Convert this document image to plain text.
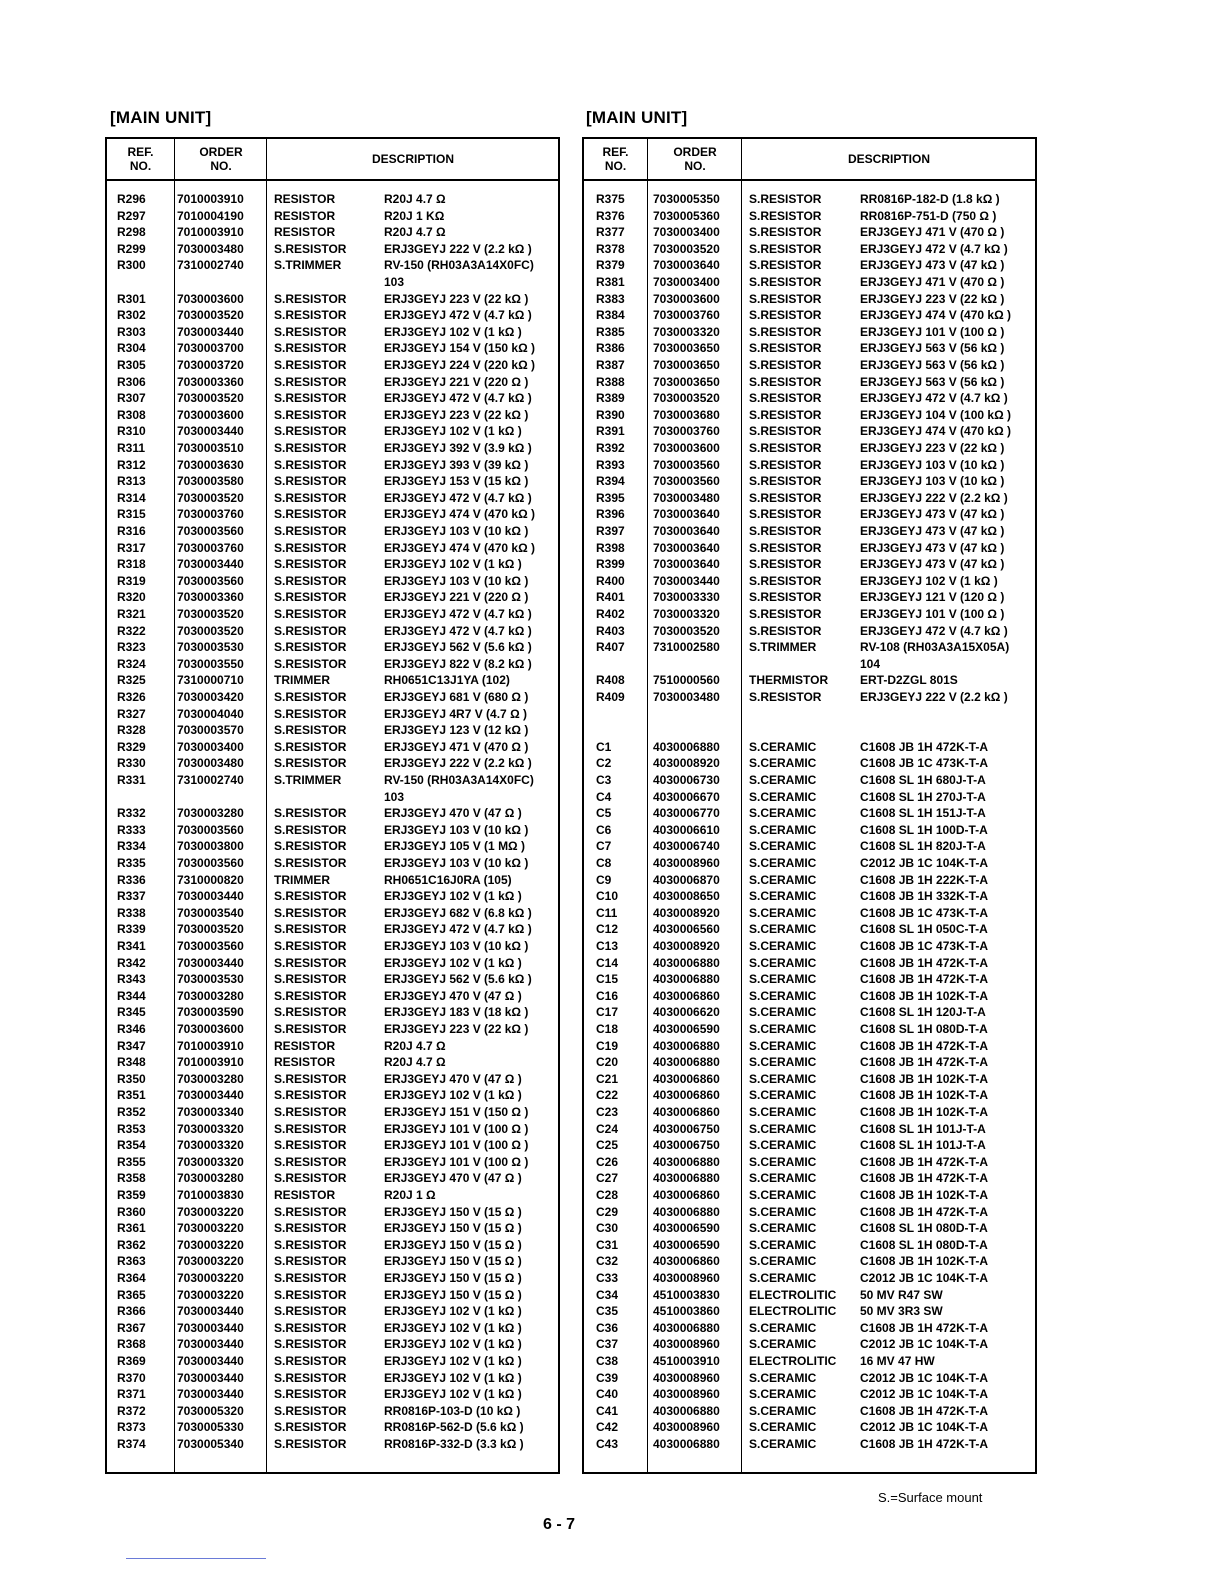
[MAIN UNIT]	[MAIN UNIT]
REF.
NO.
ORDER
NO.	DESCRIPTION
R296	7010003910	RESISTOR	R20J 4.7 Ω
R297	7010004190	RESISTOR	R20J 1 KΩ
R298	7010003910	RESISTOR	R20J 4.7 Ω
R299	7030003480	S.RESISTOR	ERJ3GEYJ 222 V (2.2 kΩ )
R300	7310002740	S.TRIMMER	RV-150 (RH03A3A14X0FC)
103
R301	7030003600	S.RESISTOR	ERJ3GEYJ 223 V (22 kΩ )
R302	7030003520	S.RESISTOR	ERJ3GEYJ 472 V (4.7 kΩ )
R303	7030003440	S.RESISTOR	ERJ3GEYJ 102 V (1 kΩ )
R304	7030003700	S.RESISTOR	ERJ3GEYJ 154 V (150 kΩ )
R305	7030003720	S.RESISTOR	ERJ3GEYJ 224 V (220 kΩ )
R306	7030003360	S.RESISTOR	ERJ3GEYJ 221 V (220 Ω )
R307	7030003520	S.RESISTOR	ERJ3GEYJ 472 V (4.7 kΩ )
R308	7030003600	S.RESISTOR	ERJ3GEYJ 223 V (22 kΩ )
R310	7030003440	S.RESISTOR	ERJ3GEYJ 102 V (1 kΩ )
R311	7030003510	S.RESISTOR	ERJ3GEYJ 392 V (3.9 kΩ )
R312	7030003630	S.RESISTOR	ERJ3GEYJ 393 V (39 kΩ )
R313	7030003580	S.RESISTOR	ERJ3GEYJ 153 V (15 kΩ )
R314	7030003520	S.RESISTOR	ERJ3GEYJ 472 V (4.7 kΩ )
R315	7030003760	S.RESISTOR	ERJ3GEYJ 474 V (470 kΩ )
R316	7030003560	S.RESISTOR	ERJ3GEYJ 103 V (10 kΩ )
R317	7030003760	S.RESISTOR	ERJ3GEYJ 474 V (470 kΩ )
R318	7030003440	S.RESISTOR	ERJ3GEYJ 102 V (1 kΩ )
R319	7030003560	S.RESISTOR	ERJ3GEYJ 103 V (10 kΩ )
R320	7030003360	S.RESISTOR	ERJ3GEYJ 221 V (220 Ω )
R321	7030003520	S.RESISTOR	ERJ3GEYJ 472 V (4.7 kΩ )
R322	7030003520	S.RESISTOR	ERJ3GEYJ 472 V (4.7 kΩ )
R323	7030003530	S.RESISTOR	ERJ3GEYJ 562 V (5.6 kΩ )
R324	7030003550	S.RESISTOR	ERJ3GEYJ 822 V (8.2 kΩ )
R325	7310000710	TRIMMER	RH0651C13J1YA (102)
R326	7030003420	S.RESISTOR	ERJ3GEYJ 681 V (680 Ω )
R327	7030004040	S.RESISTOR	ERJ3GEYJ 4R7 V (4.7 Ω )
R328	7030003570	S.RESISTOR	ERJ3GEYJ 123 V (12 kΩ )
R329	7030003400	S.RESISTOR	ERJ3GEYJ 471 V (470 Ω )
R330	7030003480	S.RESISTOR	ERJ3GEYJ 222 V (2.2 kΩ )
R331	7310002740	S.TRIMMER	RV-150 (RH03A3A14X0FC)
103
R332	7030003280	S.RESISTOR	ERJ3GEYJ 470 V (47 Ω )
R333	7030003560	S.RESISTOR	ERJ3GEYJ 103 V (10 kΩ )
R334	7030003800	S.RESISTOR	ERJ3GEYJ 105 V (1 MΩ )
R335	7030003560	S.RESISTOR	ERJ3GEYJ 103 V (10 kΩ )
R336	7310000820	TRIMMER	RH0651C16J0RA (105)
R337	7030003440	S.RESISTOR	ERJ3GEYJ 102 V (1 kΩ )
R338	7030003540	S.RESISTOR	ERJ3GEYJ 682 V (6.8 kΩ )
R339	7030003520	S.RESISTOR	ERJ3GEYJ 472 V (4.7 kΩ )
R341	7030003560	S.RESISTOR	ERJ3GEYJ 103 V (10 kΩ )
R342	7030003440	S.RESISTOR	ERJ3GEYJ 102 V (1 kΩ )
R343	7030003530	S.RESISTOR	ERJ3GEYJ 562 V (5.6 kΩ )
R344	7030003280	S.RESISTOR	ERJ3GEYJ 470 V (47 Ω )
R345	7030003590	S.RESISTOR	ERJ3GEYJ 183 V (18 kΩ )
R346	7030003600	S.RESISTOR	ERJ3GEYJ 223 V (22 kΩ )
R347	7010003910	RESISTOR	R20J 4.7 Ω
R348	7010003910	RESISTOR	R20J 4.7 Ω
R350	7030003280	S.RESISTOR	ERJ3GEYJ 470 V (47 Ω )
R351	7030003440	S.RESISTOR	ERJ3GEYJ 102 V (1 kΩ )
R352	7030003340	S.RESISTOR	ERJ3GEYJ 151 V (150 Ω )
R353	7030003320	S.RESISTOR	ERJ3GEYJ 101 V (100 Ω )
R354	7030003320	S.RESISTOR	ERJ3GEYJ 101 V (100 Ω )
R355	7030003320	S.RESISTOR	ERJ3GEYJ 101 V (100 Ω )
R358	7030003280	S.RESISTOR	ERJ3GEYJ 470 V (47 Ω )
R359	7010003830	RESISTOR	R20J 1 Ω
R360	7030003220	S.RESISTOR	ERJ3GEYJ 150 V (15 Ω )
R361	7030003220	S.RESISTOR	ERJ3GEYJ 150 V (15 Ω )
R362	7030003220	S.RESISTOR	ERJ3GEYJ 150 V (15 Ω )
R363	7030003220	S.RESISTOR	ERJ3GEYJ 150 V (15 Ω )
R364	7030003220	S.RESISTOR	ERJ3GEYJ 150 V (15 Ω )
R365	7030003220	S.RESISTOR	ERJ3GEYJ 150 V (15 Ω )
R366	7030003440	S.RESISTOR	ERJ3GEYJ 102 V (1 kΩ )
R367	7030003440	S.RESISTOR	ERJ3GEYJ 102 V (1 kΩ )
R368	7030003440	S.RESISTOR	ERJ3GEYJ 102 V (1 kΩ )
R369	7030003440	S.RESISTOR	ERJ3GEYJ 102 V (1 kΩ )
R370	7030003440	S.RESISTOR	ERJ3GEYJ 102 V (1 kΩ )
R371	7030003440	S.RESISTOR	ERJ3GEYJ 102 V (1 kΩ )
R372	7030005320	S.RESISTOR	RR0816P-103-D (10 kΩ )
R373	7030005330	S.RESISTOR	RR0816P-562-D (5.6 kΩ )
R374	7030005340	S.RESISTOR	RR0816P-332-D (3.3 kΩ )
REF.
NO.
ORDER
NO.	DESCRIPTION
R375 7030005350 S.RESISTOR	RR0816P-182-D (1.8 kΩ )
R376 7030005360 S.RESISTOR	RR0816P-751-D (750 Ω )
R377 7030003400 S.RESISTOR	ERJ3GEYJ 471 V (470 Ω )
R378 7030003520 S.RESISTOR	ERJ3GEYJ 472 V (4.7 kΩ )
R379 7030003640 S.RESISTOR	ERJ3GEYJ 473 V (47 kΩ )
R381 7030003400 S.RESISTOR	ERJ3GEYJ 471 V (470 Ω )
R383 7030003600 S.RESISTOR	ERJ3GEYJ 223 V (22 kΩ )
R384 7030003760 S.RESISTOR	ERJ3GEYJ 474 V (470 kΩ )
R385 7030003320 S.RESISTOR	ERJ3GEYJ 101 V (100 Ω )
R386 7030003650 S.RESISTOR	ERJ3GEYJ 563 V (56 kΩ )
R387 7030003650 S.RESISTOR	ERJ3GEYJ 563 V (56 kΩ )
R388 7030003650 S.RESISTOR	ERJ3GEYJ 563 V (56 kΩ )
R389 7030003520 S.RESISTOR	ERJ3GEYJ 472 V (4.7 kΩ )
R390 7030003680 S.RESISTOR	ERJ3GEYJ 104 V (100 kΩ )
R391 7030003760 S.RESISTOR	ERJ3GEYJ 474 V (470 kΩ )
R392 7030003600 S.RESISTOR	ERJ3GEYJ 223 V (22 kΩ )
R393 7030003560 S.RESISTOR	ERJ3GEYJ 103 V (10 kΩ )
R394 7030003560 S.RESISTOR	ERJ3GEYJ 103 V (10 kΩ )
R395 7030003480 S.RESISTOR	ERJ3GEYJ 222 V (2.2 kΩ )
R396 7030003640 S.RESISTOR	ERJ3GEYJ 473 V (47 kΩ )
R397 7030003640 S.RESISTOR	ERJ3GEYJ 473 V (47 kΩ )
R398 7030003640 S.RESISTOR	ERJ3GEYJ 473 V (47 kΩ )
R399 7030003640 S.RESISTOR	ERJ3GEYJ 473 V (47 kΩ )
R400 7030003440 S.RESISTOR	ERJ3GEYJ 102 V (1 kΩ )
R401 7030003330 S.RESISTOR	ERJ3GEYJ 121 V (120 Ω )
R402 7030003320 S.RESISTOR	ERJ3GEYJ 101 V (100 Ω )
R403 7030003520 S.RESISTOR	ERJ3GEYJ 472 V (4.7 kΩ )
R407 7310002580 S.TRIMMER	RV-108 (RH03A3A15X05A)
104
R408 7510000560 THERMISTOR	ERT-D2ZGL 801S
R409 7030003480 S.RESISTOR	ERJ3GEYJ 222 V (2.2 kΩ )
C1	4030006880 S.CERAMIC	C1608 JB 1H 472K-T-A
C2	4030008920 S.CERAMIC	C1608 JB 1C 473K-T-A
C3	4030006730 S.CERAMIC	C1608 SL 1H 680J-T-A
C4	4030006670 S.CERAMIC	C1608 SL 1H 270J-T-A
C5	4030006770 S.CERAMIC	C1608 SL 1H 151J-T-A
C6	4030006610 S.CERAMIC	C1608 SL 1H 100D-T-A
C7	4030006740 S.CERAMIC	C1608 SL 1H 820J-T-A
C8	4030008960 S.CERAMIC	C2012 JB 1C 104K-T-A
C9	4030006870 S.CERAMIC	C1608 JB 1H 222K-T-A
C10	4030008650 S.CERAMIC	C1608 JB 1H 332K-T-A
C11	4030008920 S.CERAMIC	C1608 JB 1C 473K-T-A
C12	4030006560 S.CERAMIC	C1608 SL 1H 050C-T-A
C13	4030008920 S.CERAMIC	C1608 JB 1C 473K-T-A
C14	4030006880 S.CERAMIC	C1608 JB 1H 472K-T-A
C15	4030006880 S.CERAMIC	C1608 JB 1H 472K-T-A
C16	4030006860 S.CERAMIC	C1608 JB 1H 102K-T-A
C17	4030006620 S.CERAMIC	C1608 SL 1H 120J-T-A
C18	4030006590 S.CERAMIC	C1608 SL 1H 080D-T-A
C19	4030006880 S.CERAMIC	C1608 JB 1H 472K-T-A
C20	4030006880 S.CERAMIC	C1608 JB 1H 472K-T-A
C21	4030006860 S.CERAMIC	C1608 JB 1H 102K-T-A
C22	4030006860 S.CERAMIC	C1608 JB 1H 102K-T-A
C23	4030006860 S.CERAMIC	C1608 JB 1H 102K-T-A
C24	4030006750 S.CERAMIC	C1608 SL 1H 101J-T-A
C25	4030006750 S.CERAMIC	C1608 SL 1H 101J-T-A
C26	4030006880 S.CERAMIC	C1608 JB 1H 472K-T-A
C27	4030006880 S.CERAMIC	C1608 JB 1H 472K-T-A
C28	4030006860 S.CERAMIC	C1608 JB 1H 102K-T-A
C29	4030006880 S.CERAMIC	C1608 JB 1H 472K-T-A
C30	4030006590 S.CERAMIC	C1608 SL 1H 080D-T-A
C31	4030006590 S.CERAMIC	C1608 SL 1H 080D-T-A
C32	4030006860 S.CERAMIC	C1608 JB 1H 102K-T-A
C33	4030008960 S.CERAMIC	C2012 JB 1C 104K-T-A
C34	4510003830 ELECTROLITIC 50 MV R47 SW
C35	4510003860 ELECTROLITIC 50 MV 3R3 SW
C36	4030006880 S.CERAMIC	C1608 JB 1H 472K-T-A
C37	4030008960 S.CERAMIC	C2012 JB 1C 104K-T-A
C38	4510003910 ELECTROLITIC 16 MV 47 HW
C39	4030008960 S.CERAMIC	C2012 JB 1C 104K-T-A
C40	4030008960 S.CERAMIC	C2012 JB 1C 104K-T-A
C41	4030006880 S.CERAMIC	C1608 JB 1H 472K-T-A
C42	4030008960 S.CERAMIC	C2012 JB 1C 104K-T-A
C43	4030006880 S.CERAMIC	C1608 JB 1H 472K-T-A
S.=Surface mount
6 - 7
